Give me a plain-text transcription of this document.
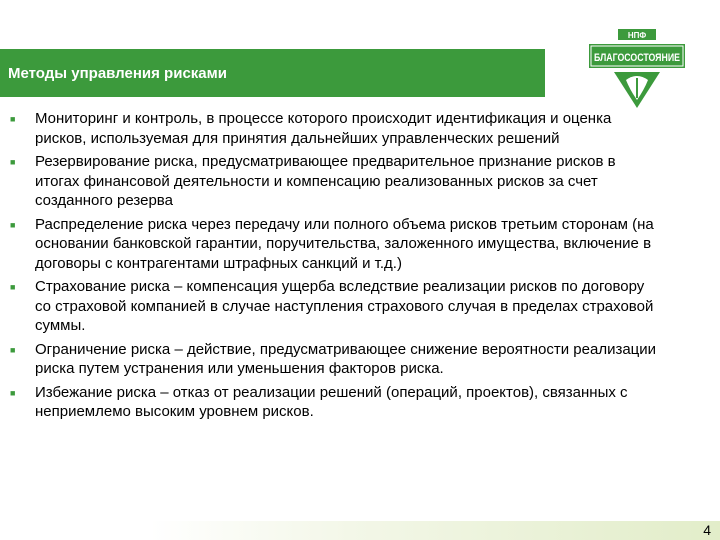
Методы управления рисками
НПФ
БЛАГОСОСТОЯНИЕ
■	Мониторинг и контроль, в процессе которого происходит идентификация и оценка рисков, используемая для принятия дальнейших управленческих решений
■	Резервирование риска, предусматривающее предварительное признание рисков в итогах финансовой деятельности и компенсацию реализованных рисков за счет созданного резерва
■	Распределение риска через передачу или полного объема рисков третьим сторонам (на основании банковской гарантии, поручительства, заложенного имущества, включение в договоры с контрагентами штрафных санкций и т.д.)
■	Страхование риска – компенсация ущерба вследствие реализации рисков по договору со страховой компанией в случае наступления страхового случая в пределах страховой суммы.
■	Ограничение риска – действие, предусматривающее снижение вероятности реализации риска путем устранения или уменьшения факторов риска.
■	Избежание риска – отказ от реализации решений (операций, проектов), связанных с неприемлемо высоким уровнем рисков.
4
